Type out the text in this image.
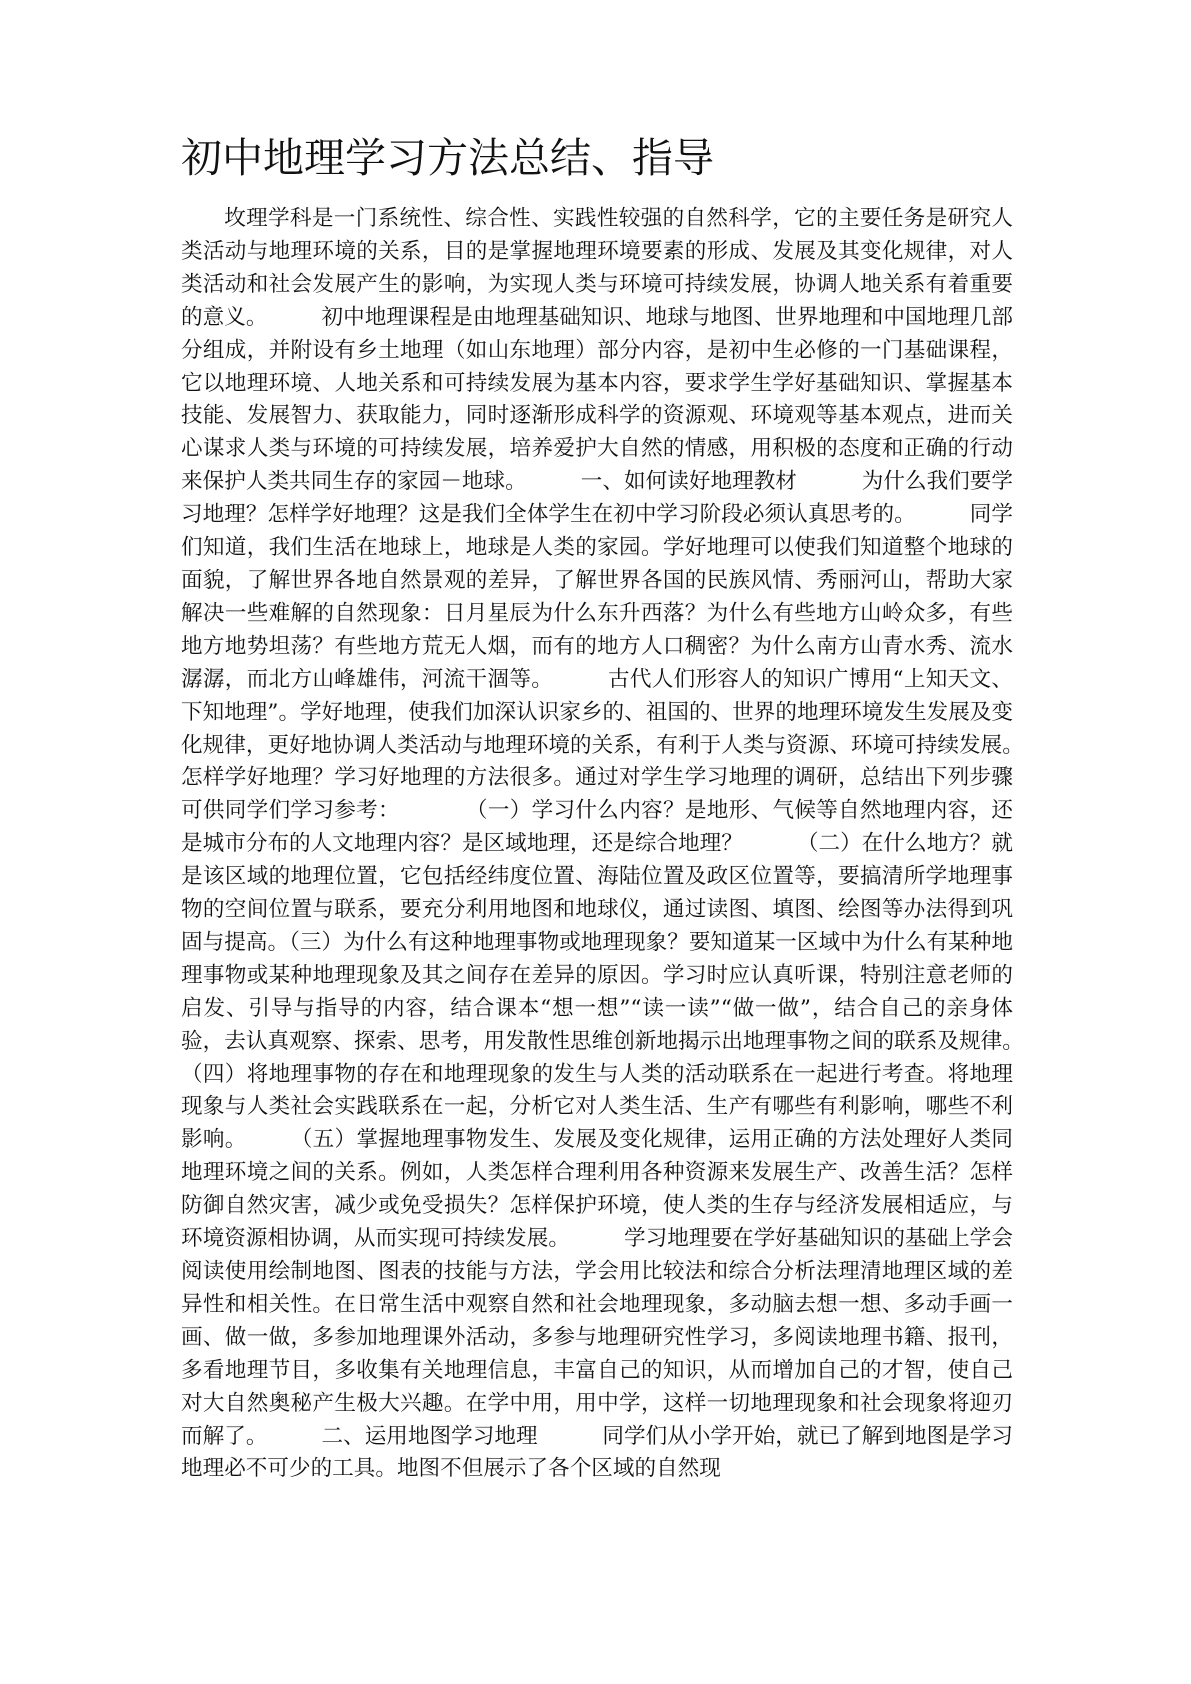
初中地理学习方法总结、指导

坆理学科是一门系统性、综合性、实践性较强的自然科学，它的主要任务是研究人类活动与地理环境的关系，目的是掌握地理环境要素的形成、发展及其变化规律，对人类活动和社会发展产生的影响，为实现人类与环境可持续发展，协调人地关系有着重要的意义。　　　初中地理课程是由地理基础知识、地球与地图、世界地理和中国地理几部分组成，并附设有乡土地理（如山东地理）部分内容，是初中生必修的一门基础课程，它以地理环境、人地关系和可持续发展为基本内容，要求学生学好基础知识、掌握基本技能、发展智力、获取能力，同时逐渐形成科学的资源观、环境观等基本观点，进而关心谋求人类与环境的可持续发展，培养爱护大自然的情感，用积极的态度和正确的行动来保护人类共同生存的家园－地球。　　　一、如何读好地理教材　　　为什么我们要学习地理？怎样学好地理？这是我们全体学生在初中学习阶段必须认真思考的。　　　同学们知道，我们生活在地球上，地球是人类的家园。学好地理可以使我们知道整个地球的面貌，了解世界各地自然景观的差异，了解世界各国的民族风情、秀丽河山，帮助大家解决一些难解的自然现象：日月星辰为什么东升西落？为什么有些地方山岭众多，有些地方地势坦荡？有些地方荒无人烟，而有的地方人口稠密？为什么南方山青水秀、流水潺潺，而北方山峰雄伟，河流干涸等。　　　古代人们形容人的知识广博用“上知天文、下知地理”。学好地理，使我们加深认识家乡的、祖国的、世界的地理环境发生发展及变化规律，更好地协调人类活动与地理环境的关系，有利于人类与资源、环境可持续发展。　　　怎样学好地理？学习好地理的方法很多。通过对学生学习地理的调研，总结出下列步骤可供同学们学习参考：　　　　（一）学习什么内容？是地形、气候等自然地理内容，还是城市分布的人文地理内容？是区域地理，还是综合地理？　　　（二）在什么地方？就是该区域的地理位置，它包括经纬度位置、海陆位置及政区位置等，要搞清所学地理事物的空间位置与联系，要充分利用地图和地球仪，通过读图、填图、绘图等办法得到巩固与提高。（三）为什么有这种地理事物或地理现象？要知道某一区域中为什么有某种地理事物或某种地理现象及其之间存在差异的原因。学习时应认真听课，特别注意老师的启发、引导与指导的内容，结合课本“想一想”“读一读”“做一做”，结合自己的亲身体验，去认真观察、探索、思考，用发散性思维创新地揭示出地理事物之间的联系及规律。　　　（四）将地理事物的存在和地理现象的发生与人类的活动联系在一起进行考查。将地理现象与人类社会实践联系在一起，分析它对人类生活、生产有哪些有利影响，哪些不利影响。　　　（五）掌握地理事物发生、发展及变化规律，运用正确的方法处理好人类同地理环境之间的关系。例如，人类怎样合理利用各种资源来发展生产、改善生活？怎样防御自然灾害，减少或免受损失？怎样保护环境，使人类的生存与经济发展相适应，与环境资源相协调，从而实现可持续发展。　　　学习地理要在学好基础知识的基础上学会阅读使用绘制地图、图表的技能与方法，学会用比较法和综合分析法理清地理区域的差异性和相关性。在日常生活中观察自然和社会地理现象，多动脑去想一想、多动手画一画、做一做，多参加地理课外活动，多参与地理研究性学习，多阅读地理书籍、报刊，多看地理节目，多收集有关地理信息，丰富自己的知识，从而增加自己的才智，使自己对大自然奥秘产生极大兴趣。在学中用，用中学，这样一切地理现象和社会现象将迎刃而解了。　　　二、运用地图学习地理　　　同学们从小学开始，就已了解到地图是学习地理必不可少的工具。地图不但展示了各个区域的自然现
